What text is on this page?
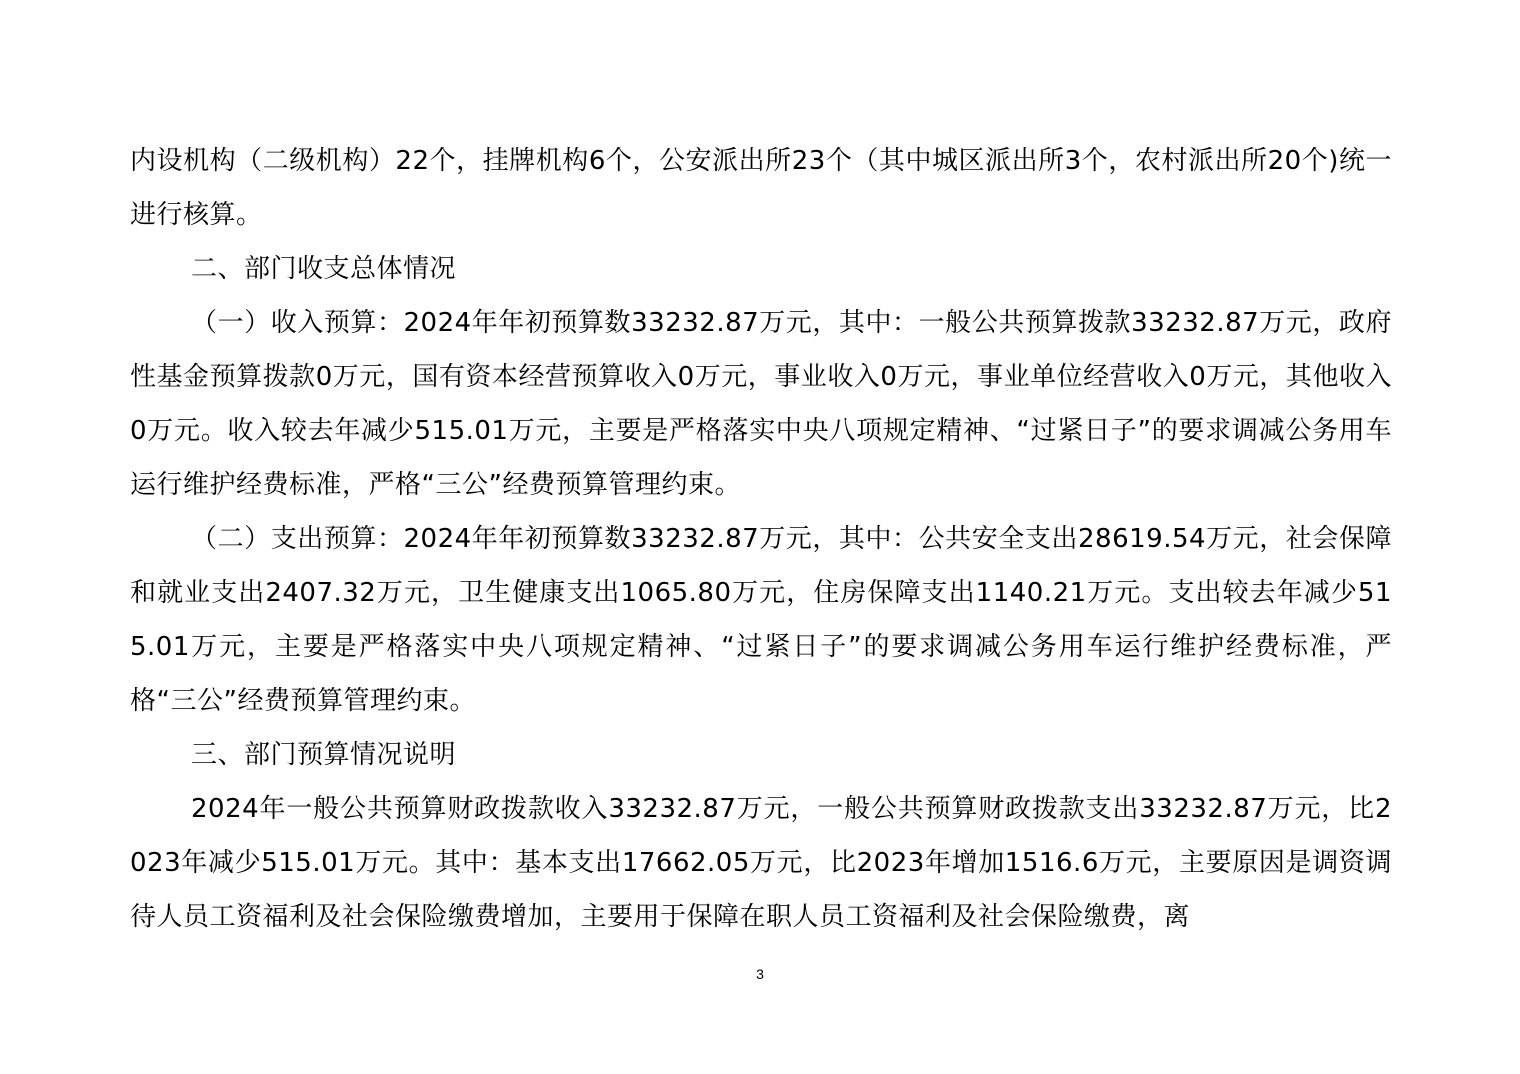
内设机构（二级机构）22个，挂牌机构6个，公安派出所23个（其中城区派出所3个，农村派出所20个)统一进行核算。

二、部门收支总体情况

（一）收入预算：2024年年初预算数33232.87万元，其中：一般公共预算拨款33232.87万元，政府性基金预算拨款0万元，国有资本经营预算收入0万元，事业收入0万元，事业单位经营收入0万元，其他收入0万元。收入较去年减少515.01万元，主要是严格落实中央八项规定精神、“过紧日子”的要求调减公务用车运行维护经费标准，严格“三公”经费预算管理约束。

（二）支出预算：2024年年初预算数33232.87万元，其中：公共安全支出28619.54万元，社会保障和就业支出2407.32万元，卫生健康支出1065.80万元，住房保障支出1140.21万元。支出较去年减少515.01万元，主要是严格落实中央八项规定精神、“过紧日子”的要求调减公务用车运行维护经费标准，严格“三公”经费预算管理约束。

三、部门预算情况说明

2024年一般公共预算财政拨款收入33232.87万元，一般公共预算财政拨款支出33232.87万元，比2023年减少515.01万元。其中：基本支出17662.05万元，比2023年增加1516.6万元，主要原因是调资调待人员工资福利及社会保险缴费增加，主要用于保障在职人员工资福利及社会保险缴费，离

3
